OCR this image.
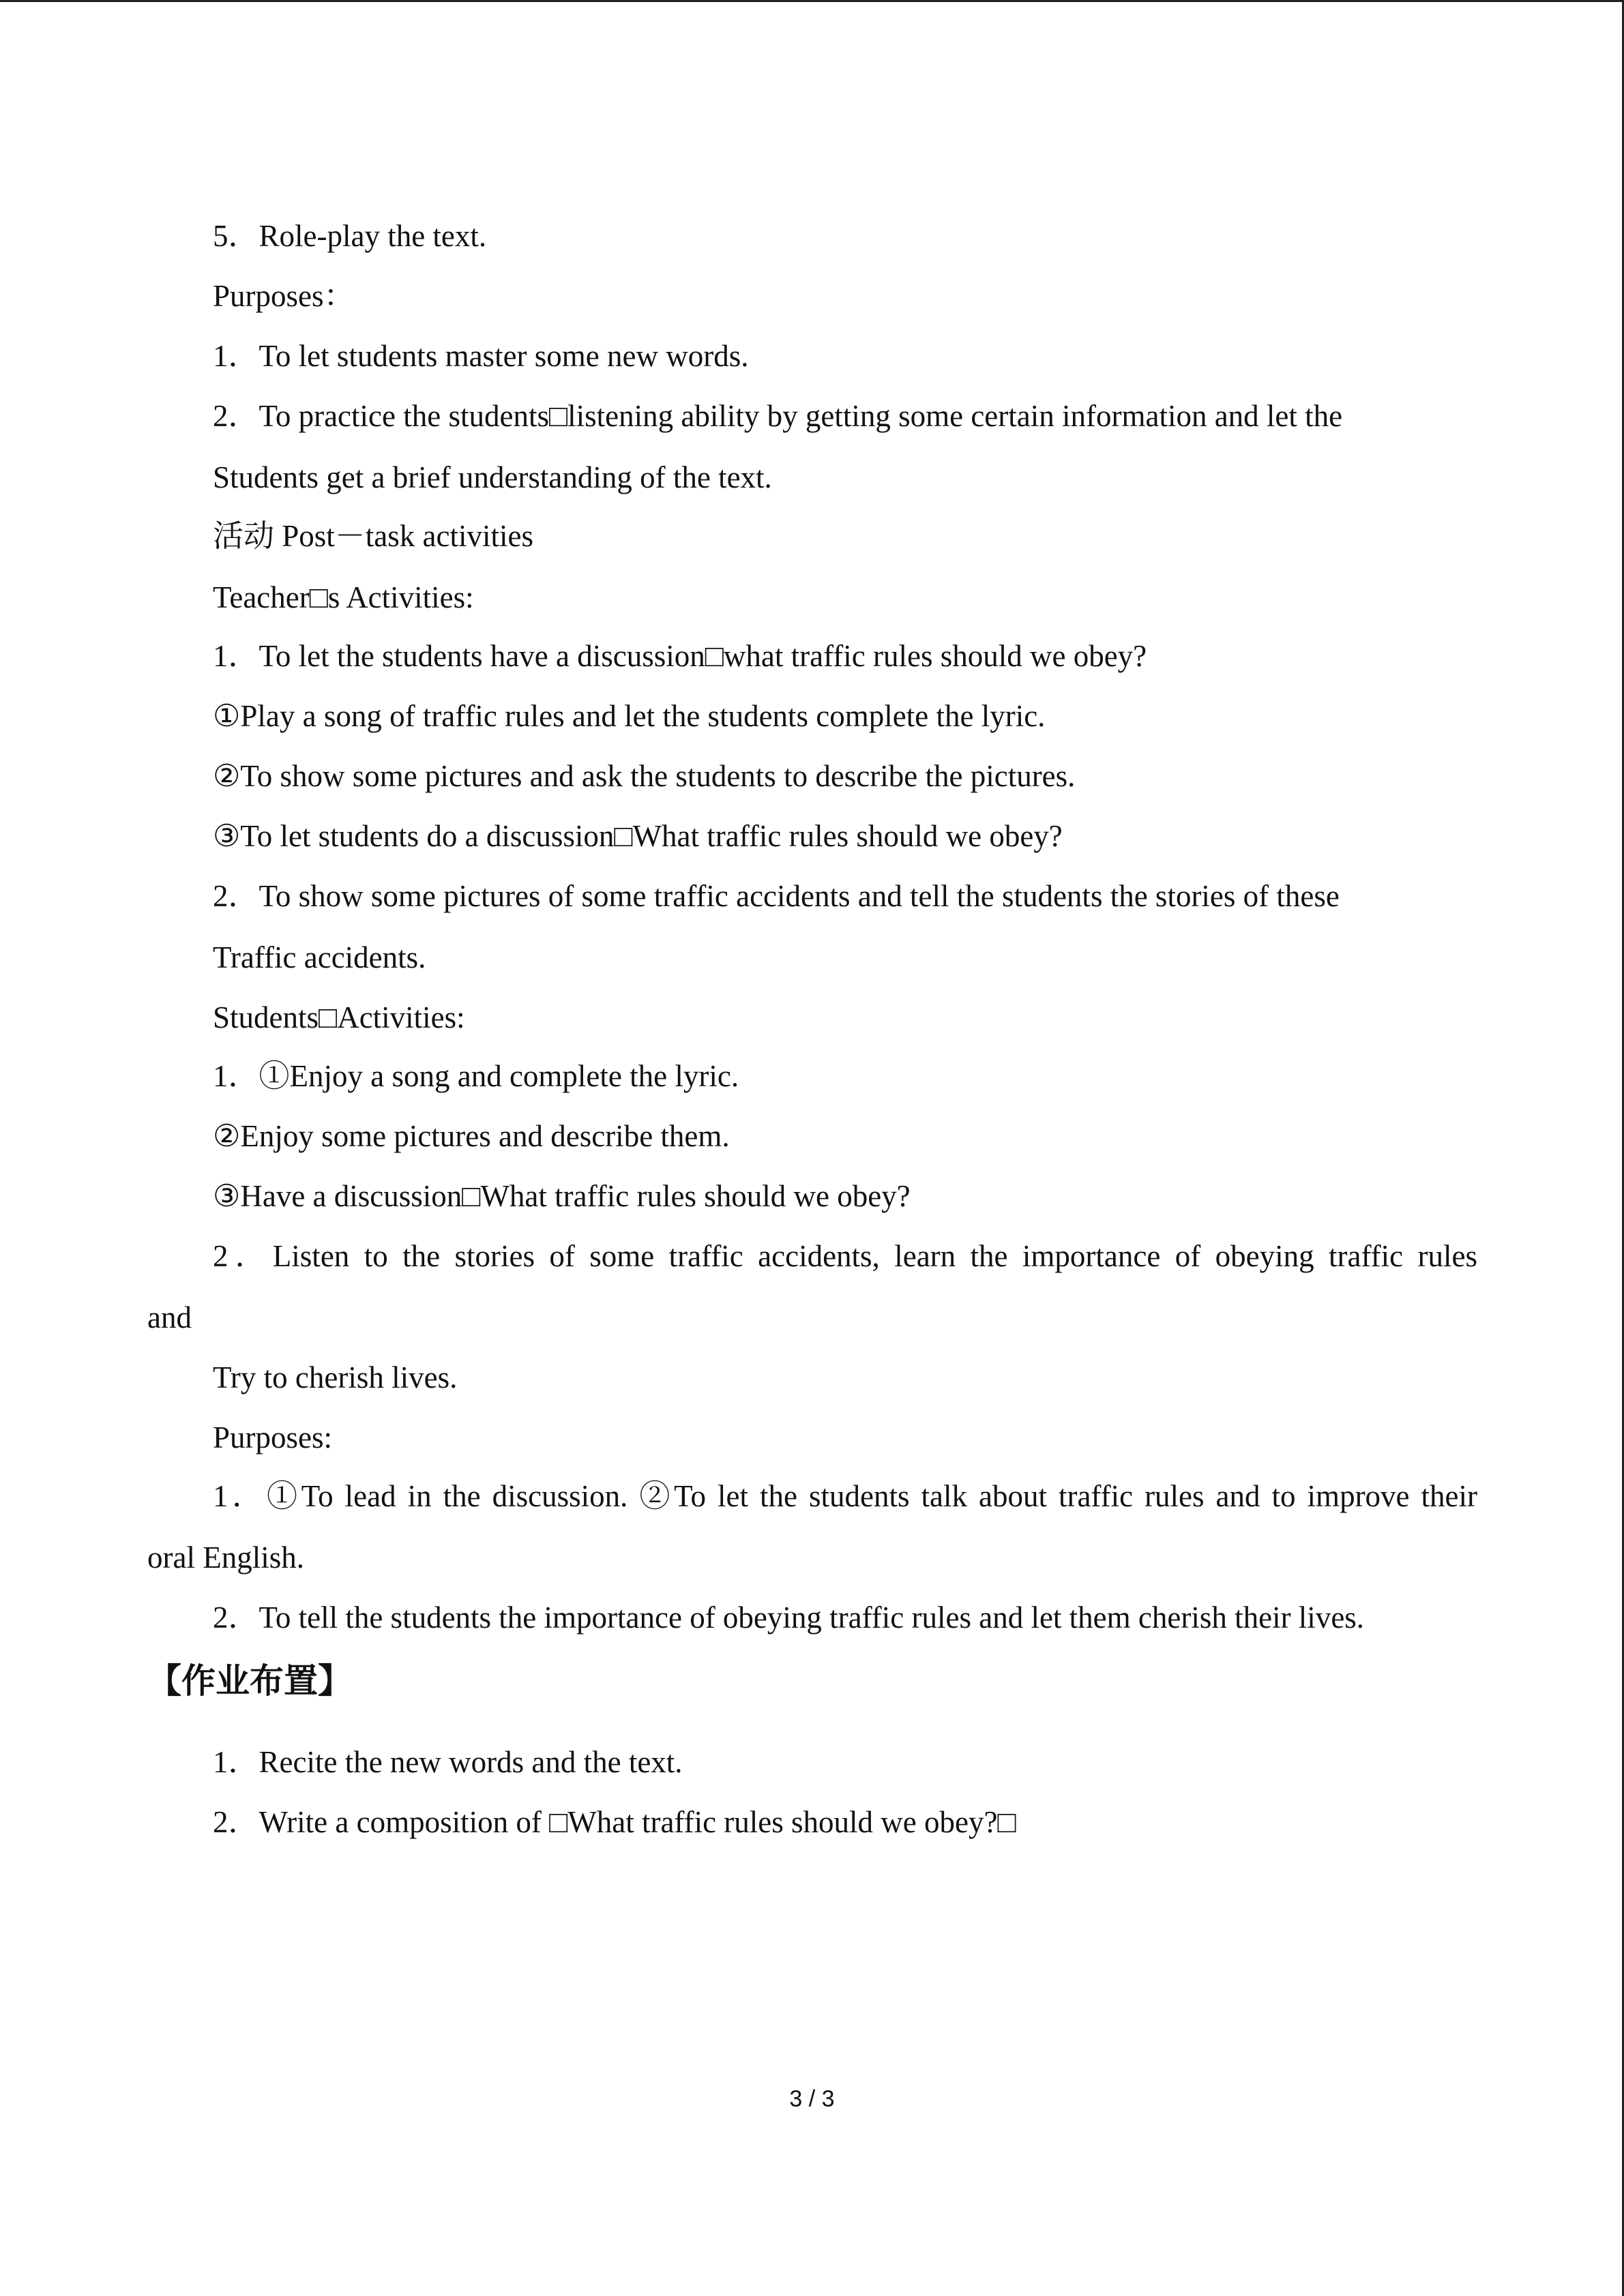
5．Role-play the text.
Purposes：
1．To let students master some new words.
2．To practice the students□listening ability by getting some certain information and let the
Students get a brief understanding of the text.
活动 Post－task activities
Teacher□s Activities:
1．To let the students have a discussion□what traffic rules should we obey?
①Play a song of traffic rules and let the students complete the lyric.
②To show some pictures and ask the students to describe the pictures.
③To let students do a discussion□What traffic rules should we obey?
2．To show some pictures of some traffic accidents and tell the students the stories of these
Traffic accidents.
Students□Activities:
1．①Enjoy a song and complete the lyric.
②Enjoy some pictures and describe them.
③Have a discussion□What traffic rules should we obey?
2．Listen to the stories of some traffic accidents, learn the importance of obeying traffic rules
and
Try to cherish lives.
Purposes:
1．①To lead in the discussion. ②To let the students talk about traffic rules and to improve their
oral English.
2．To tell the students the importance of obeying traffic rules and let them cherish their lives.
【作业布置】
1．Recite the new words and the text.
2．Write a composition of □What traffic rules should we obey?□
3 / 3
